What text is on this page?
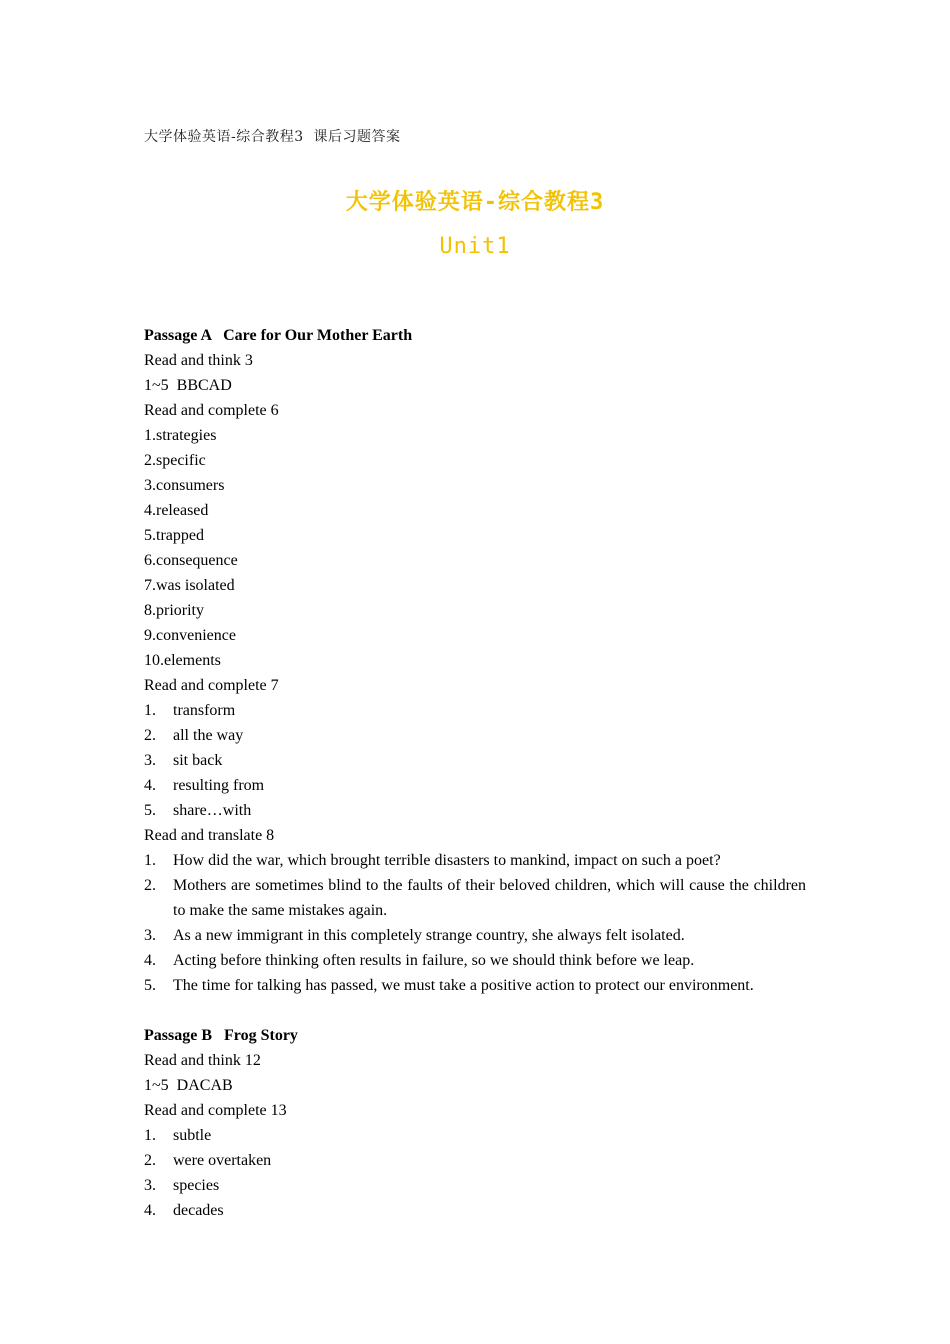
大学体验英语-综合教程3  课后习题答案
大学体验英语-综合教程3
Unit1
Passage A   Care for Our Mother Earth
Read and think 3
1~5  BBCAD
Read and complete 6
1.strategies
2.specific
3.consumers
4.released
5.trapped
6.consequence
7.was isolated
8.priority
9.convenience
10.elements
Read and complete 7
1.	transform
2.	all the way
3.	sit back
4.	resulting from
5.	share…with
Read and translate 8
1.	How did the war, which brought terrible disasters to mankind, impact on such a poet?
2.	Mothers are sometimes blind to the faults of their beloved children, which will cause the children to make the same mistakes again.
3.	As a new immigrant in this completely strange country, she always felt isolated.
4.	Acting before thinking often results in failure, so we should think before we leap.
5.	The time for talking has passed, we must take a positive action to protect our environment.
Passage B   Frog Story
Read and think 12
1~5  DACAB
Read and complete 13
1.	subtle
2.	were overtaken
3.	species
4.	decades
